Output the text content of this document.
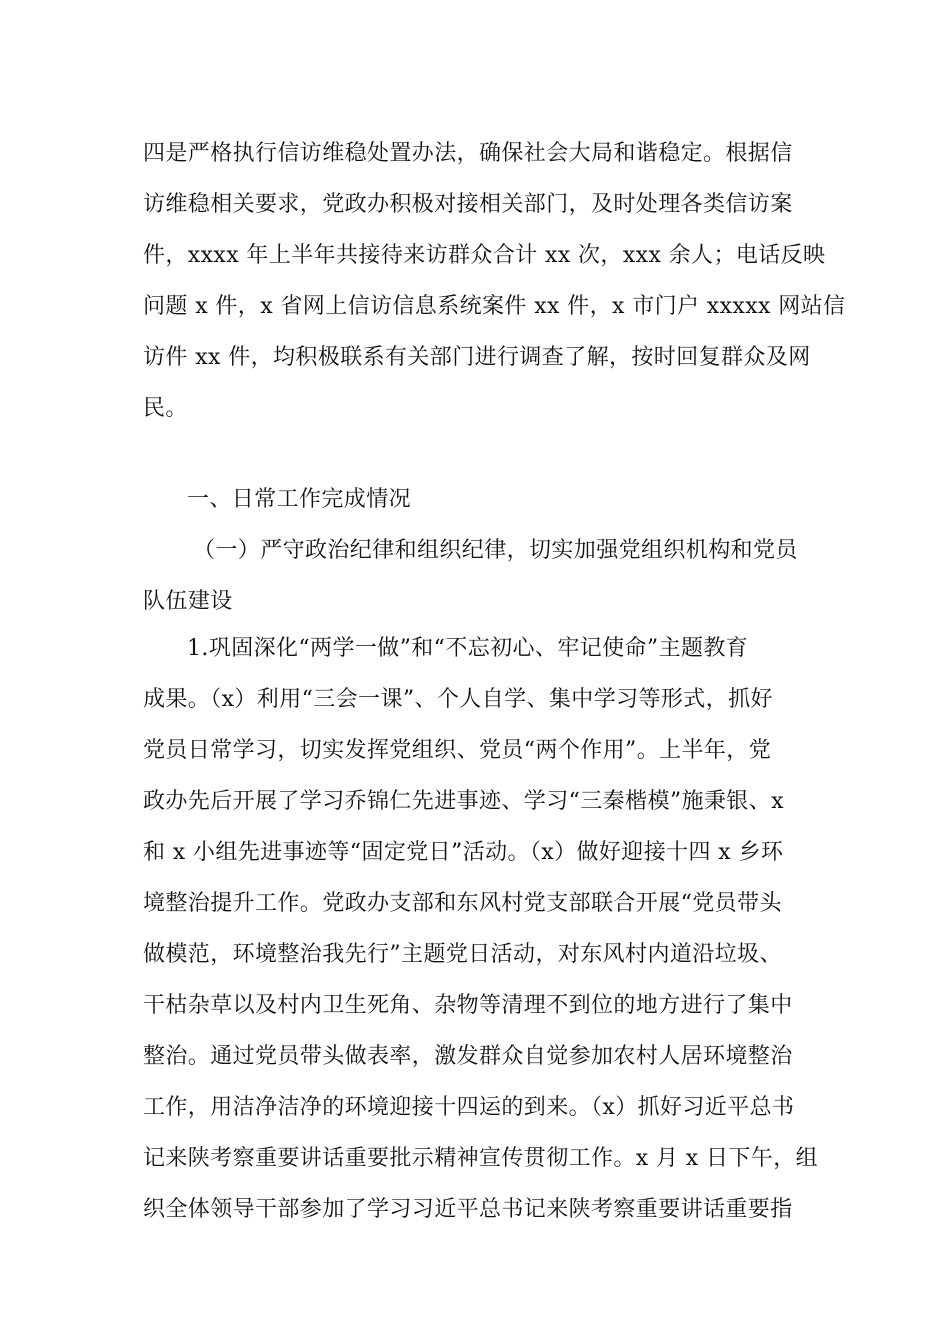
四是严格执行信访维稳处置办法，确保社会大局和谐稳定。根据信
访维稳相关要求，党政办积极对接相关部门，及时处理各类信访案
件，xxxx 年上半年共接待来访群众合计 xx 次，xxx 余人；电话反映
问题 x 件，x 省网上信访信息系统案件 xx 件，x 市门户 xxxxx 网站信
访件 xx 件，均积极联系有关部门进行调查了解，按时回复群众及网
民。
一、日常工作完成情况
（一）严守政治纪律和组织纪律，切实加强党组织机构和党员
队伍建设
1.巩固深化“两学一做”和“不忘初心、牢记使命”主题教育
成果。（x）利用“三会一课”、个人自学、集中学习等形式，抓好
党员日常学习，切实发挥党组织、党员“两个作用”。上半年，党
政办先后开展了学习乔锦仁先进事迹、学习“三秦楷模”施秉银、x
和 x 小组先进事迹等“固定党日”活动。（x）做好迎接十四 x 乡环
境整治提升工作。党政办支部和东风村党支部联合开展“党员带头
做模范，环境整治我先行”主题党日活动，对东风村内道沿垃圾、
干枯杂草以及村内卫生死角、杂物等清理不到位的地方进行了集中
整治。通过党员带头做表率，激发群众自觉参加农村人居环境整治
工作，用洁净洁净的环境迎接十四运的到来。（x）抓好习近平总书
记来陕考察重要讲话重要批示精神宣传贯彻工作。x 月 x 日下午，组
织全体领导干部参加了学习习近平总书记来陕考察重要讲话重要指
